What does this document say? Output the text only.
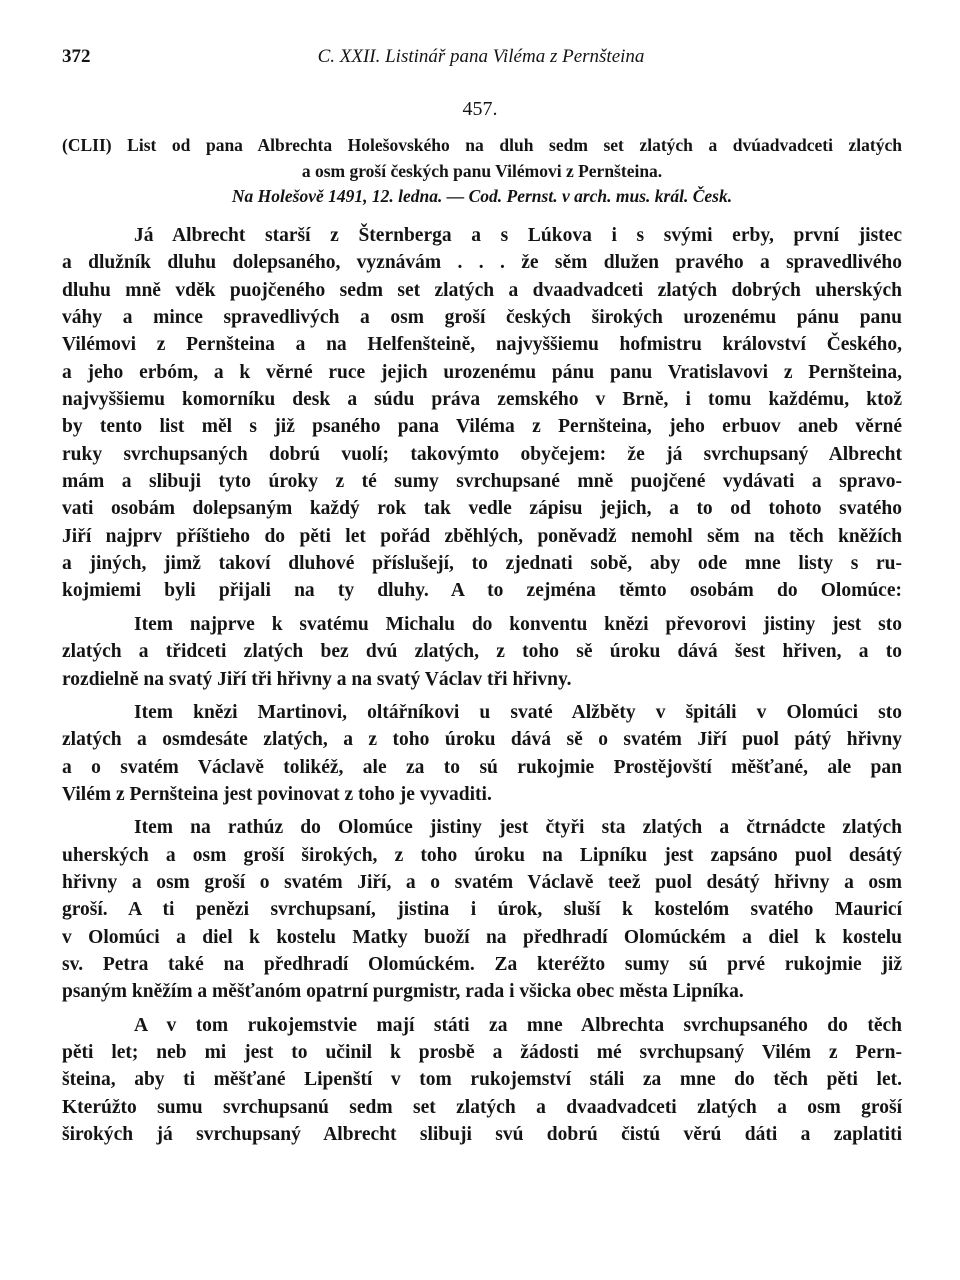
372	C. XXII. Listinář pana Viléma z Pernšteina
457.
(CLII) List od pana Albrechta Holešovského na dluh sedm set zlatých a dvúadvadceti zlatých
a osm groší českých panu Vilémovi z Pernšteina.
Na Holešově 1491, 12. ledna. — Cod. Pernst. v arch. mus. král. Česk.
Já Albrecht starší z Šternberga a s Lúkova i s svými erby, první jistec
a dlužník dluhu dolepsaného, vyznávám . . . že sěm dlužen pravého a spravedlivého
dluhu mně vděk puojčeného sedm set zlatých a dvaadvadceti zlatých dobrých uherských
váhy a mince spravedlivých a osm groší českých širokých urozenému pánu panu
Vilémovi z Pernšteina a na Helfenšteině, najvyššiemu hofmistru království Českého,
a jeho erbóm, a k věrné ruce jejich urozenému pánu panu Vratislavovi z Pernšteina,
najvyššiemu komorníku desk a súdu práva zemského v Brně, i tomu každému, ktož
by tento list měl s již psaného pana Viléma z Pernšteina, jeho erbuov aneb věrné
ruky svrchupsaných dobrú vuolí; takovýmto obyčejem: že já svrchupsaný Albrecht
mám a slibuji tyto úroky z té sumy svrchupsané mně puojčené vydávati a spravo-
vati osobám dolepsaným každý rok tak vedle zápisu jejich, a to od tohoto svatého
Jiří najprv příštieho do pěti let pořád zběhlých, poněvadž nemohl sěm na těch kněžích
a jiných, jimž takoví dluhové příslušejí, to zjednati sobě, aby ode mne listy s ru-
kojmiemi byli přijali na ty dluhy. A to zejména těmto osobám do Olomúce:
Item najprve k svatému Michalu do konventu knězi převorovi jistiny jest sto
zlatých a třidceti zlatých bez dvú zlatých, z toho sě úroku dává šest hřiven, a to
rozdielně na svatý Jiří tři hřivny a na svatý Václav tři hřivny.
Item knězi Martinovi, oltářníkovi u svaté Alžběty v špitáli v Olomúci sto
zlatých a osmdesáte zlatých, a z toho úroku dává sě o svatém Jiří puol pátý hřivny
a o svatém Václavě tolikéž, ale za to sú rukojmie Prostějovští měšťané, ale pan
Vilém z Pernšteina jest povinovat z toho je vyvaditi.
Item na rathúz do Olomúce jistiny jest čtyři sta zlatých a čtrnádcte zlatých
uherských a osm groší širokých, z toho úroku na Lipníku jest zapsáno puol desátý
hřivny a osm groší o svatém Jiří, a o svatém Václavě teež puol desátý hřivny a osm
groší. A ti penězi svrchupsaní, jistina i úrok, sluší k kostelóm svatého Mauricí
v Olomúci a diel k kostelu Matky buoží na předhradí Olomúckém a diel k kostelu
sv. Petra také na předhradí Olomúckém. Za kteréžto sumy sú prvé rukojmie již
psaným kněžím a měšťanóm opatrní purgmistr, rada i všicka obec města Lipníka.
A v tom rukojemstvie mají státi za mne Albrechta svrchupsaného do těch
pěti let; neb mi jest to učinil k prosbě a žádosti mé svrchupsaný Vilém z Pern-
šteina, aby ti měšťané Lipenští v tom rukojemství stáli za mne do těch pěti let.
Kterúžto sumu svrchupsanú sedm set zlatých a dvaadvadceti zlatých a osm groší
širokých já svrchupsaný Albrecht slibuji svú dobrú čistú věrú dáti a zaplatiti
